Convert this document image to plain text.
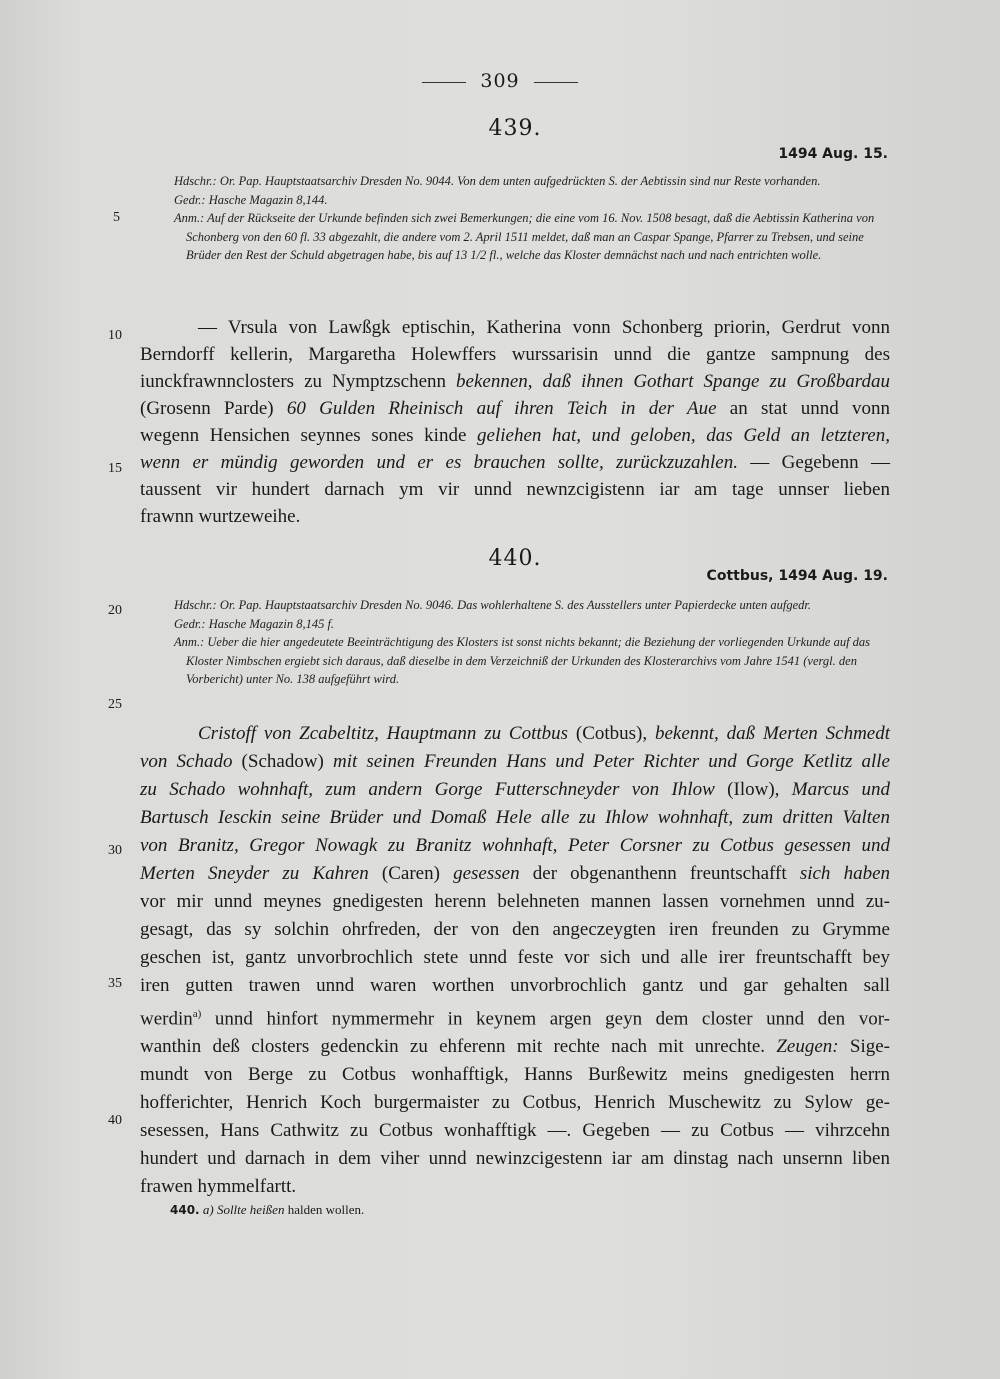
309
439.
1494 Aug. 15.

Hdschr.: Or. Pap. Hauptstaatsarchiv Dresden No. 9044. Von dem unten aufgedrückten S. der Aebtissin sind nur Reste vorhanden.

Gedr.: Hasche Magazin 8,144.

Anm.: Auf der Rückseite der Urkunde befinden sich zwei Bemerkungen; die eine vom 16. Nov. 1508 besagt, daß die Aebtissin Katherina von Schonberg von den 60 fl. 33 abgezahlt, die andere vom 2. April 1511 meldet, daß man an Caspar Spange, Pfarrer zu Trebsen, und seine Brüder den Rest der Schuld abgetragen habe, bis auf 13 1/2 fl., welche das Kloster demnächst nach und nach entrichten wolle.

— Vrsula von Lawßgk eptischin, Katherina vonn Schonberg priorin, Gerdrut vonn
Berndorff kellerin, Margaretha Holewffers wurssarisin unnd die gantze sampnung des
iunckfrawnnclosters zu Nymptzschenn bekennen, daß ihnen Gothart Spange zu Großbardau
(Grosenn Parde) 60 Gulden Rheinisch auf ihren Teich in der Aue an stat unnd vonn
wegenn Hensichen seynnes sones kinde geliehen hat, und geloben, das Geld an letzteren,
wenn er mündig geworden und er es brauchen sollte, zurückzuzahlen. — Gegebenn —
taussent vir hundert darnach ym vir unnd newnzcigistenn iar am tage unnser lieben
frawnn wurtzeweihe.
440.
Cottbus, 1494 Aug. 19.

Hdschr.: Or. Pap. Hauptstaatsarchiv Dresden No. 9046. Das wohlerhaltene S. des Ausstellers unter Papierdecke unten aufgedr.

Gedr.: Hasche Magazin 8,145 f.

Anm.: Ueber die hier angedeutete Beeinträchtigung des Klosters ist sonst nichts bekannt; die Beziehung der vorliegenden Urkunde auf das Kloster Nimbschen ergiebt sich daraus, daß dieselbe in dem Verzeichniß der Urkunden des Klosterarchivs vom Jahre 1541 (vergl. den Vorbericht) unter No. 138 aufgeführt wird.

Cristoff von Zcabeltitz, Hauptmann zu Cottbus (Cotbus), bekennt, daß Merten Schmedt
von Schado (Schadow) mit seinen Freunden Hans und Peter Richter und Gorge Ketlitz alle
zu Schado wohnhaft, zum andern Gorge Futterschneyder von Ihlow (Ilow), Marcus und
Bartusch Iesckin seine Brüder und Domaß Hele alle zu Ihlow wohnhaft, zum dritten Valten
von Branitz, Gregor Nowagk zu Branitz wohnhaft, Peter Corsner zu Cotbus gesessen und
Merten Sneyder zu Kahren (Caren) gesessen der obgenanthenn freuntschafft sich haben
vor mir unnd meynes gnedigesten herenn belehneten mannen lassen vornehmen unnd zu-
gesagt, das sy solchin ohrfreden, der von den angeczeygten iren freunden zu Grymme
geschen ist, gantz unvorbrochlich stete unnd feste vor sich und alle irer freuntschafft bey
iren gutten trawen unnd waren worthen unvorbrochlich gantz und gar gehalten sall
werdin$^{a)}$ unnd hinfort nymmermehr in keynem argen geyn dem closter unnd den vor-
wanthin deß closters gedenckin zu ehferenn mit rechte nach mit unrechte. Zeugen: Sige-
mundt von Berge zu Cotbus wonhafftigk, Hanns Burßewitz meins gnedigesten herrn
hofferichter, Henrich Koch burgermaister zu Cotbus, Henrich Muschewitz zu Sylow ge-
sesessen, Hans Cathwitz zu Cotbus wonhafftigk —. Gegeben — zu Cotbus — vihrzcehn
hundert und darnach in dem viher unnd newinzcigestenn iar am dinstag nach unsernn liben
frawen hymmelfartt.
5
10
15
20
25
30
35
40
440. a) Sollte heißen halden wollen.
